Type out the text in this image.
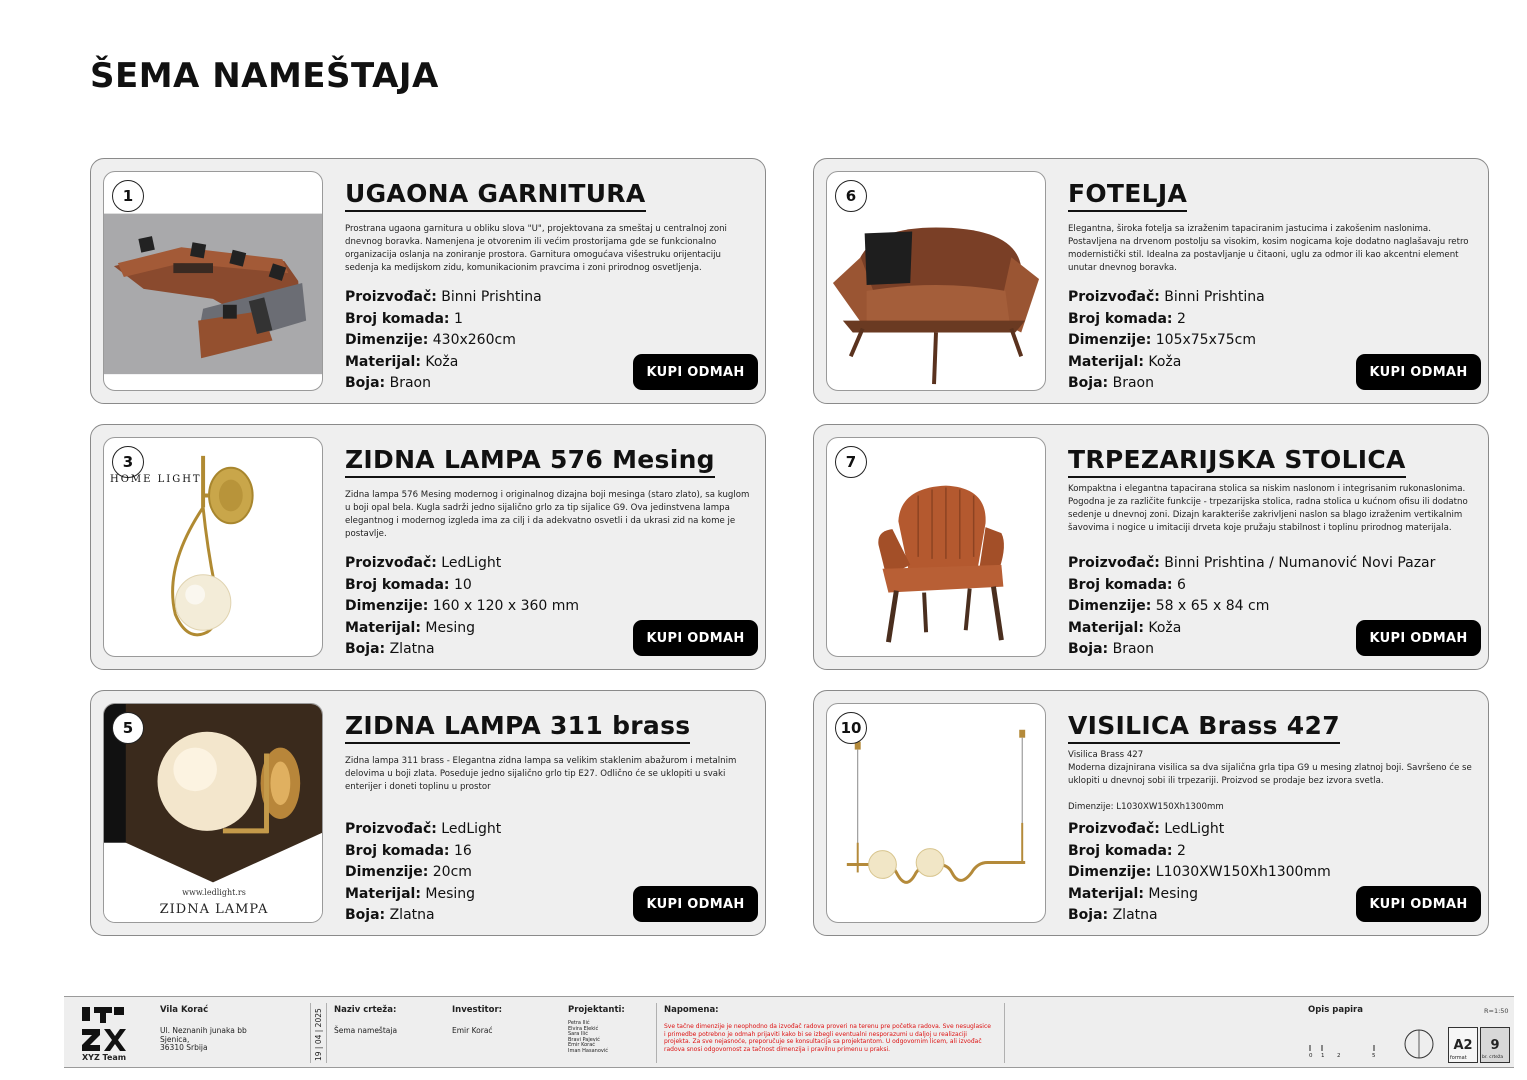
ŠEMA NAMEŠTAJA
1	UGAONA GARNITURA
Prostrana ugaona garnitura u obliku slova "U", projektovana za smeštaj u centralnoj zoni dnevnog boravka. Namenjena je otvorenim ili većim prostorijama gde se funkcionalno organizacija oslanja na zoniranje prostora. Garnitura omogućava višestruku orijentaciju sedenja ka medijskom zidu, komunikacionim pravcima i zoni prirodnog osvetljenja.
Proizvođač: Binni Prishtina
Broj komada: 1
Dimenzije: 430x260cm
Materijal: Koža
Boja: Braon
KUPI ODMAH
6	FOTELJA
Elegantna, široka fotelja sa izraženim tapaciranim jastucima i zakošenim naslonima. Postavljena na drvenom postolju sa visokim, kosim nogicama koje dodatno naglašavaju retro modernistički stil. Idealna za postavljanje u čitaoni, uglu za odmor ili kao akcentni element unutar dnevnog boravka.
Proizvođač: Binni Prishtina
Broj komada: 2
Dimenzije: 105x75x75cm
Materijal: Koža
Boja: Braon
KUPI ODMAH
3
HOME LIGHT
ZIDNA LAMPA 576 Mesing
Zidna lampa 576 Mesing modernog i originalnog dizajna boji mesinga (staro zlato), sa kuglom u boji opal bela. Kugla sadrži jedno sijalično grlo za tip sijalice G9. Ova jedinstvena lampa elegantnog i modernog izgleda ima za cilj i da adekvatno osvetli i da ukrasi zid na kome je postavlje.
Proizvođač: LedLight
Broj komada: 10
Dimenzije: 160 x 120 x 360 mm
Materijal: Mesing
Boja: Zlatna
KUPI ODMAH
7	TRPEZARIJSKA STOLICA
Kompaktna i elegantna tapacirana stolica sa niskim naslonom i integrisanim rukonaslonima. Pogodna je za različite funkcije - trpezarijska stolica, radna stolica u kućnom ofisu ili dodatno sedenje u dnevnoj zoni. Dizajn karakteriše zakrivljeni naslon sa blago izraženim vertikalnim šavovima i nogice u imitaciji drveta koje pružaju stabilnost i toplinu prirodnog materijala.
Proizvođač: Binni Prishtina / Numanović Novi Pazar
Broj komada: 6
Dimenzije: 58 x 65 x 84 cm
Materijal: Koža
Boja: Braon
KUPI ODMAH
5
www.ledlight.rs
ZIDNA LAMPA
ZIDNA LAMPA 311 brass
Zidna lampa 311 brass - Elegantna zidna lampa sa velikim staklenim abažurom i metalnim delovima u boji zlata. Poseduje jedno sijalično grlo tip E27. Odlično će se uklopiti u svaki enterijer i doneti toplinu u prostor
Proizvođač: LedLight
Broj komada: 16
Dimenzije: 20cm
Materijal: Mesing
Boja: Zlatna
KUPI ODMAH
10	VISILICA Brass 427
Visilica Brass 427
Moderna dizajnirana visilica sa dva sijalična grla tipa G9 u mesing zlatnoj boji. Savršeno će se uklopiti u dnevnoj sobi ili trpezariji. Proizvod se prodaje bez izvora svetla.

Dimenzije: L1030XW150Xh1300mm
Proizvođač: LedLight
Broj komada: 2
Dimenzije: L1030XW150Xh1300mm
Materijal: Mesing
Boja: Zlatna
KUPI ODMAH
XYZ Team
Vila Korać
Ul. Neznanih junaka bb
Sjenica,
36310 Srbija	19 | 04 | 2025 Naziv crteža:
Šema nameštaja
Investitor:
Emir Korać
Projektanti:
Petra Ilić
Elvira Elekić
Sara Ilić
Bravi Pajević
Emir Korać
Iman Hasanović
Napomena:
Sve tačne dimenzije je neophodno da izvođač radova proveri na terenu pre početka radova. Sve nesuglasice i primedbe potrebno je odmah prijaviti kako bi se izbegli eventualni nesporazumi u daljoj u realizaciji projekta. Za sve nejasnoće, preporučuje se konsultacija sa projektantom. U odgovornim licem, ali izvođač radova snosi odgovornost za tačnost dimenzija i pravilnu primenu u praksi.
Opis papira	R=1:50
0 1 2	5
A2
format
9
br. crteža
